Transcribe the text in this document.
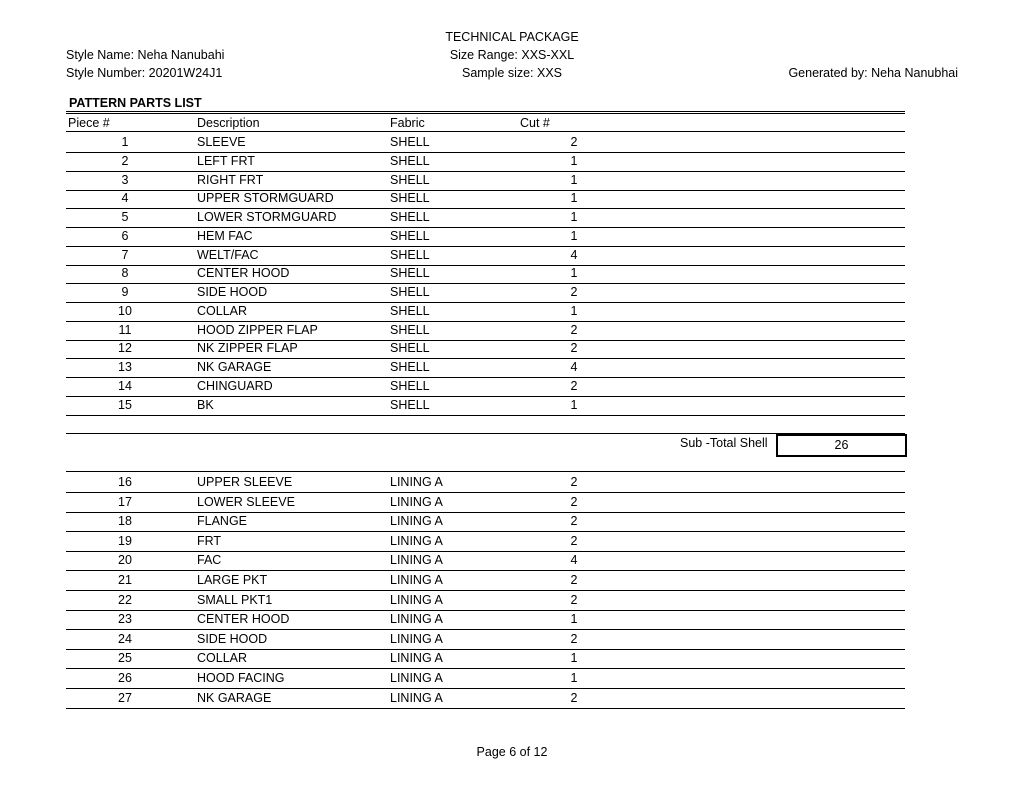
TECHNICAL PACKAGE
Size Range: XXS-XXL
Sample size: XXS
Style Name: Neha Nanubahi
Style Number: 20201W24J1	Generated by: Neha Nanubhai
PATTERN PARTS LIST
Piece #	Description	Fabric	Cut #
1	SLEEVE	SHELL	2
2	LEFT FRT	SHELL	1
3	RIGHT FRT	SHELL	1
4	UPPER STORMGUARD	SHELL	1
5	LOWER STORMGUARD	SHELL	1
6	HEM FAC	SHELL	1
7	WELT/FAC	SHELL	4
8	CENTER HOOD	SHELL	1
9	SIDE HOOD	SHELL	2
10	COLLAR	SHELL	1
11	HOOD ZIPPER FLAP	SHELL	2
12	NK ZIPPER FLAP	SHELL	2
13	NK GARAGE	SHELL	4
14	CHINGUARD	SHELL	2
15	BK	SHELL	1
Sub -Total Shell	26
16	UPPER SLEEVE	LINING A	2
17	LOWER SLEEVE	LINING A	2
18	FLANGE	LINING A	2
19	FRT	LINING A	2
20	FAC	LINING A	4
21	LARGE PKT	LINING A	2
22	SMALL PKT1	LINING A	2
23	CENTER HOOD	LINING A	1
24	SIDE HOOD	LINING A	2
25	COLLAR	LINING A	1
26	HOOD FACING	LINING A	1
27	NK GARAGE	LINING A	2
Page 6 of 12
